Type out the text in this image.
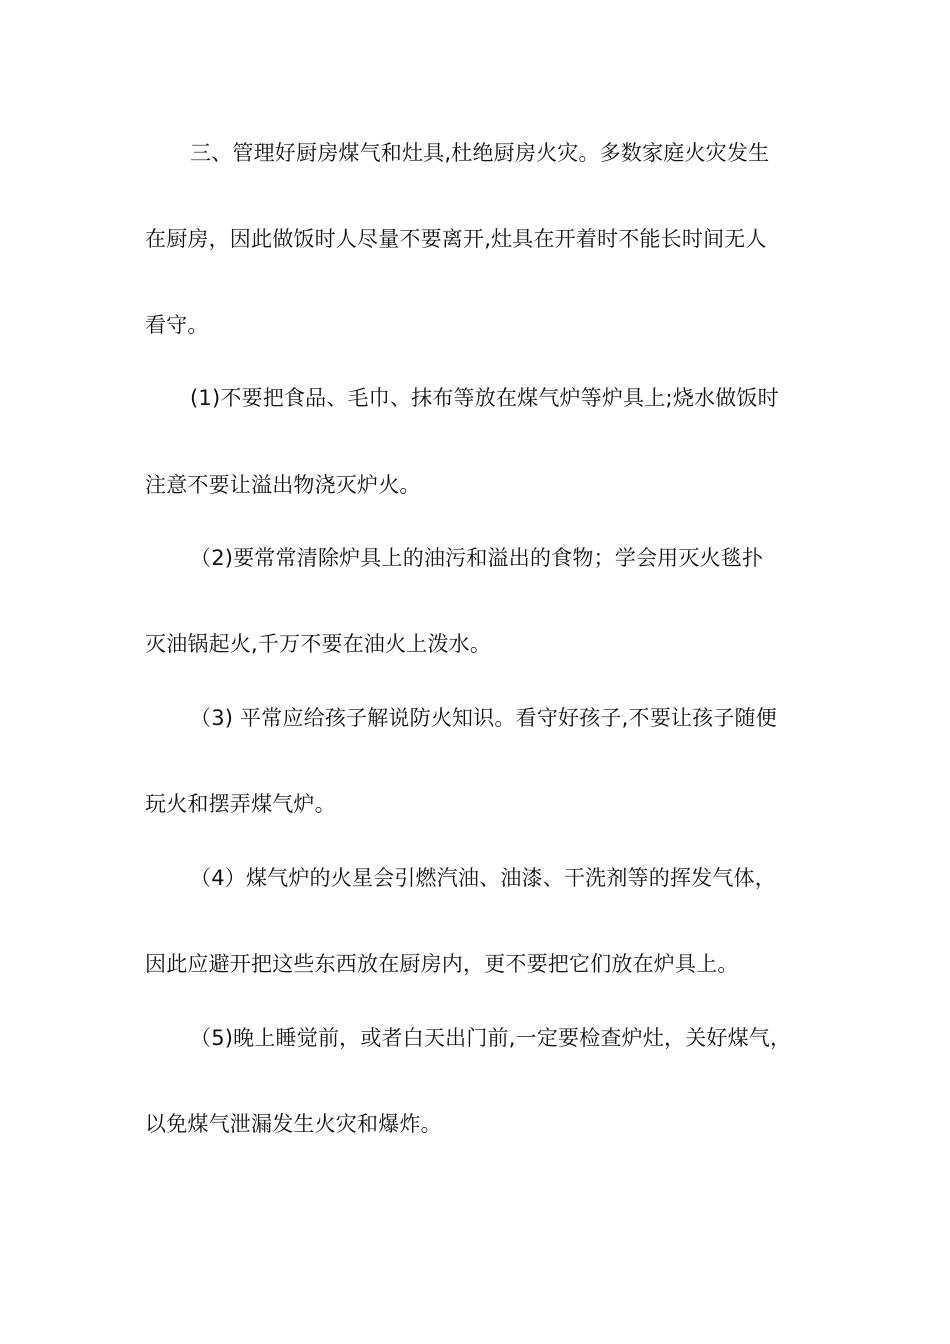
三、管理好厨房煤气和灶具,杜绝厨房火灾。多数家庭火灾发生
在厨房，因此做饭时人尽量不要离开,灶具在开着时不能长时间无人
看守。
(1)不要把食品、毛巾、抹布等放在煤气炉等炉具上;烧水做饭时
注意不要让溢出物浇灭炉火。
（2)要常常清除炉具上的油污和溢出的食物；学会用灭火毯扑
灭油锅起火,千万不要在油火上泼水。
（3) 平常应给孩子解说防火知识。看守好孩子,不要让孩子随便
玩火和摆弄煤气炉。
（4）煤气炉的火星会引燃汽油、油漆、干洗剂等的挥发气体，
因此应避开把这些东西放在厨房内，更不要把它们放在炉具上。
（5)晚上睡觉前，或者白天出门前,一定要检查炉灶，关好煤气，
以免煤气泄漏发生火灾和爆炸。
